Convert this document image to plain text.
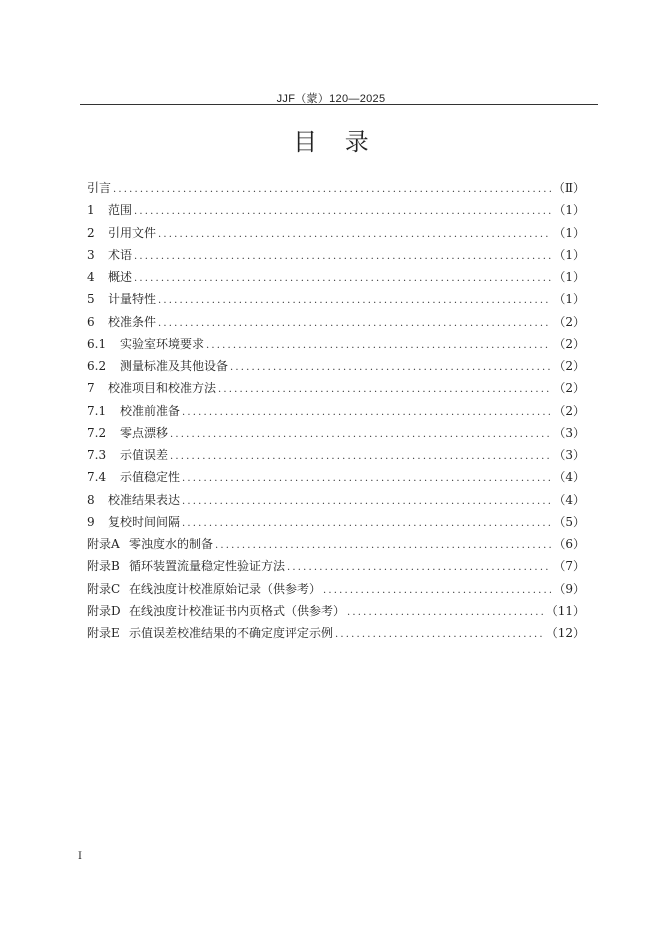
JJF（蒙）120—2025
目 录
引言 .....	（Ⅱ）
1	范围 .....	（1）
2	引用文件 .....	（1）
3	术语 .....	（1）
4	概述 .....	（1）
5	计量特性 .....	（1）
6	校准条件 .....	（2）
6.1	实验室环境要求 .....	（2）
6.2	测量标准及其他设备 .....	（2）
7	校准项目和校准方法 .....	（2）
7.1	校准前准备 .....	（2）
7.2	零点漂移 .....	（3）
7.3	示值误差 .....	（3）
7.4	示值稳定性 .....	（4）
8	校准结果表达 .....	（4）
9	复校时间间隔 .....	（5）
附录A 零浊度水的制备 .....	（6）
附录B 循环装置流量稳定性验证方法 .....	（7）
附录C 在线浊度计校准原始记录（供参考） .....	（9）
附录D 在线浊度计校准证书内页格式（供参考） .....	（11）
附录E 示值误差校准结果的不确定度评定示例 .....	（12）
I
